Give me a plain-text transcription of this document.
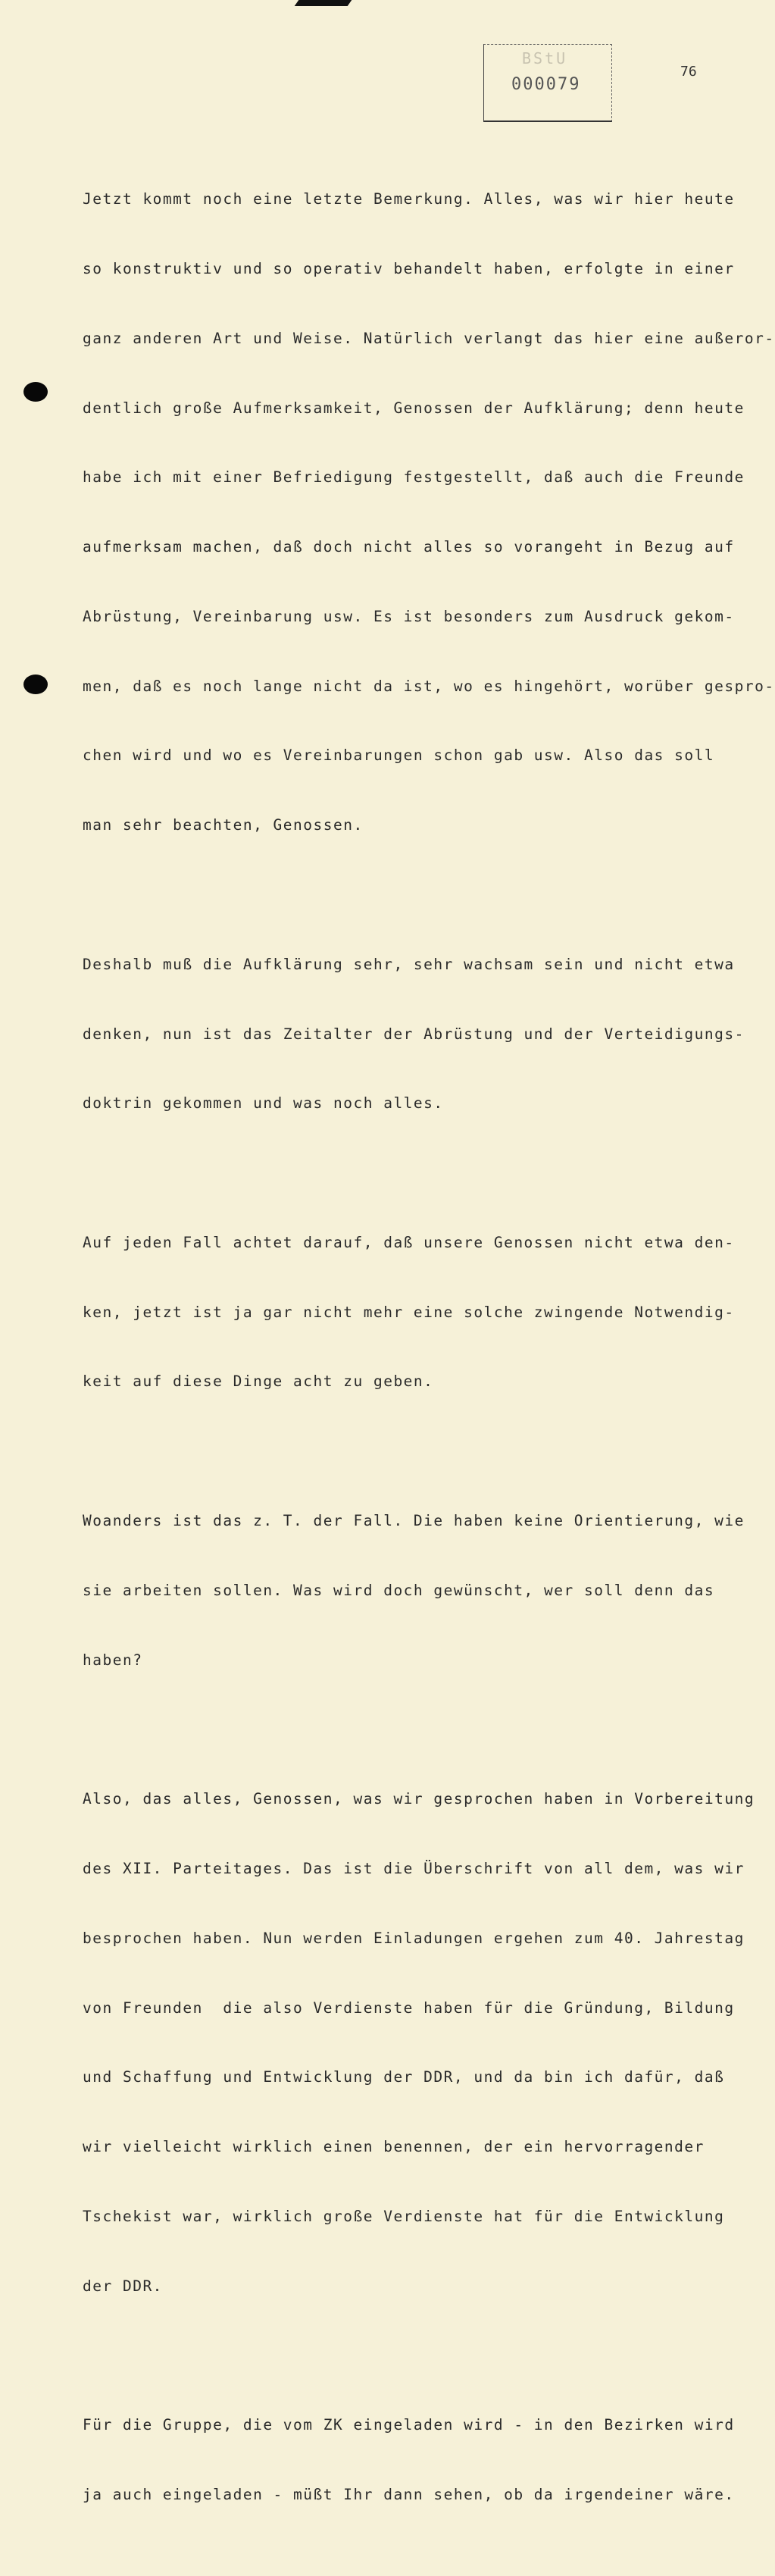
BStU
000079
76

Jetzt kommt noch eine letzte Bemerkung. Alles, was wir hier heute

so konstruktiv und so operativ behandelt haben, erfolgte in einer

ganz anderen Art und Weise. Natürlich verlangt das hier eine außeror-

dentlich große Aufmerksamkeit, Genossen der Aufklärung; denn heute

habe ich mit einer Befriedigung festgestellt, daß auch die Freunde

aufmerksam machen, daß doch nicht alles so vorangeht in Bezug auf

Abrüstung, Vereinbarung usw. Es ist besonders zum Ausdruck gekom-

men, daß es noch lange nicht da ist, wo es hingehört, worüber gespro-

chen wird und wo es Vereinbarungen schon gab usw. Also das soll

man sehr beachten, Genossen.

Deshalb muß die Aufklärung sehr, sehr wachsam sein und nicht etwa

denken, nun ist das Zeitalter der Abrüstung und der Verteidigungs-

doktrin gekommen und was noch alles.

Auf jeden Fall achtet darauf, daß unsere Genossen nicht etwa den-

ken, jetzt ist ja gar nicht mehr eine solche zwingende Notwendig-

keit auf diese Dinge acht zu geben.

Woanders ist das z. T. der Fall. Die haben keine Orientierung, wie

sie arbeiten sollen. Was wird doch gewünscht, wer soll denn das

haben?

Also, das alles, Genossen, was wir gesprochen haben in Vorbereitung

des XII. Parteitages. Das ist die Überschrift von all dem, was wir

besprochen haben. Nun werden Einladungen ergehen zum 40. Jahrestag

von Freunden  die also Verdienste haben für die Gründung, Bildung

und Schaffung und Entwicklung der DDR, und da bin ich dafür, daß

wir vielleicht wirklich einen benennen, der ein hervorragender

Tschekist war, wirklich große Verdienste hat für die Entwicklung

der DDR.

Für die Gruppe, die vom ZK eingeladen wird - in den Bezirken wird

ja auch eingeladen - müßt Ihr dann sehen, ob da irgendeiner wäre.
